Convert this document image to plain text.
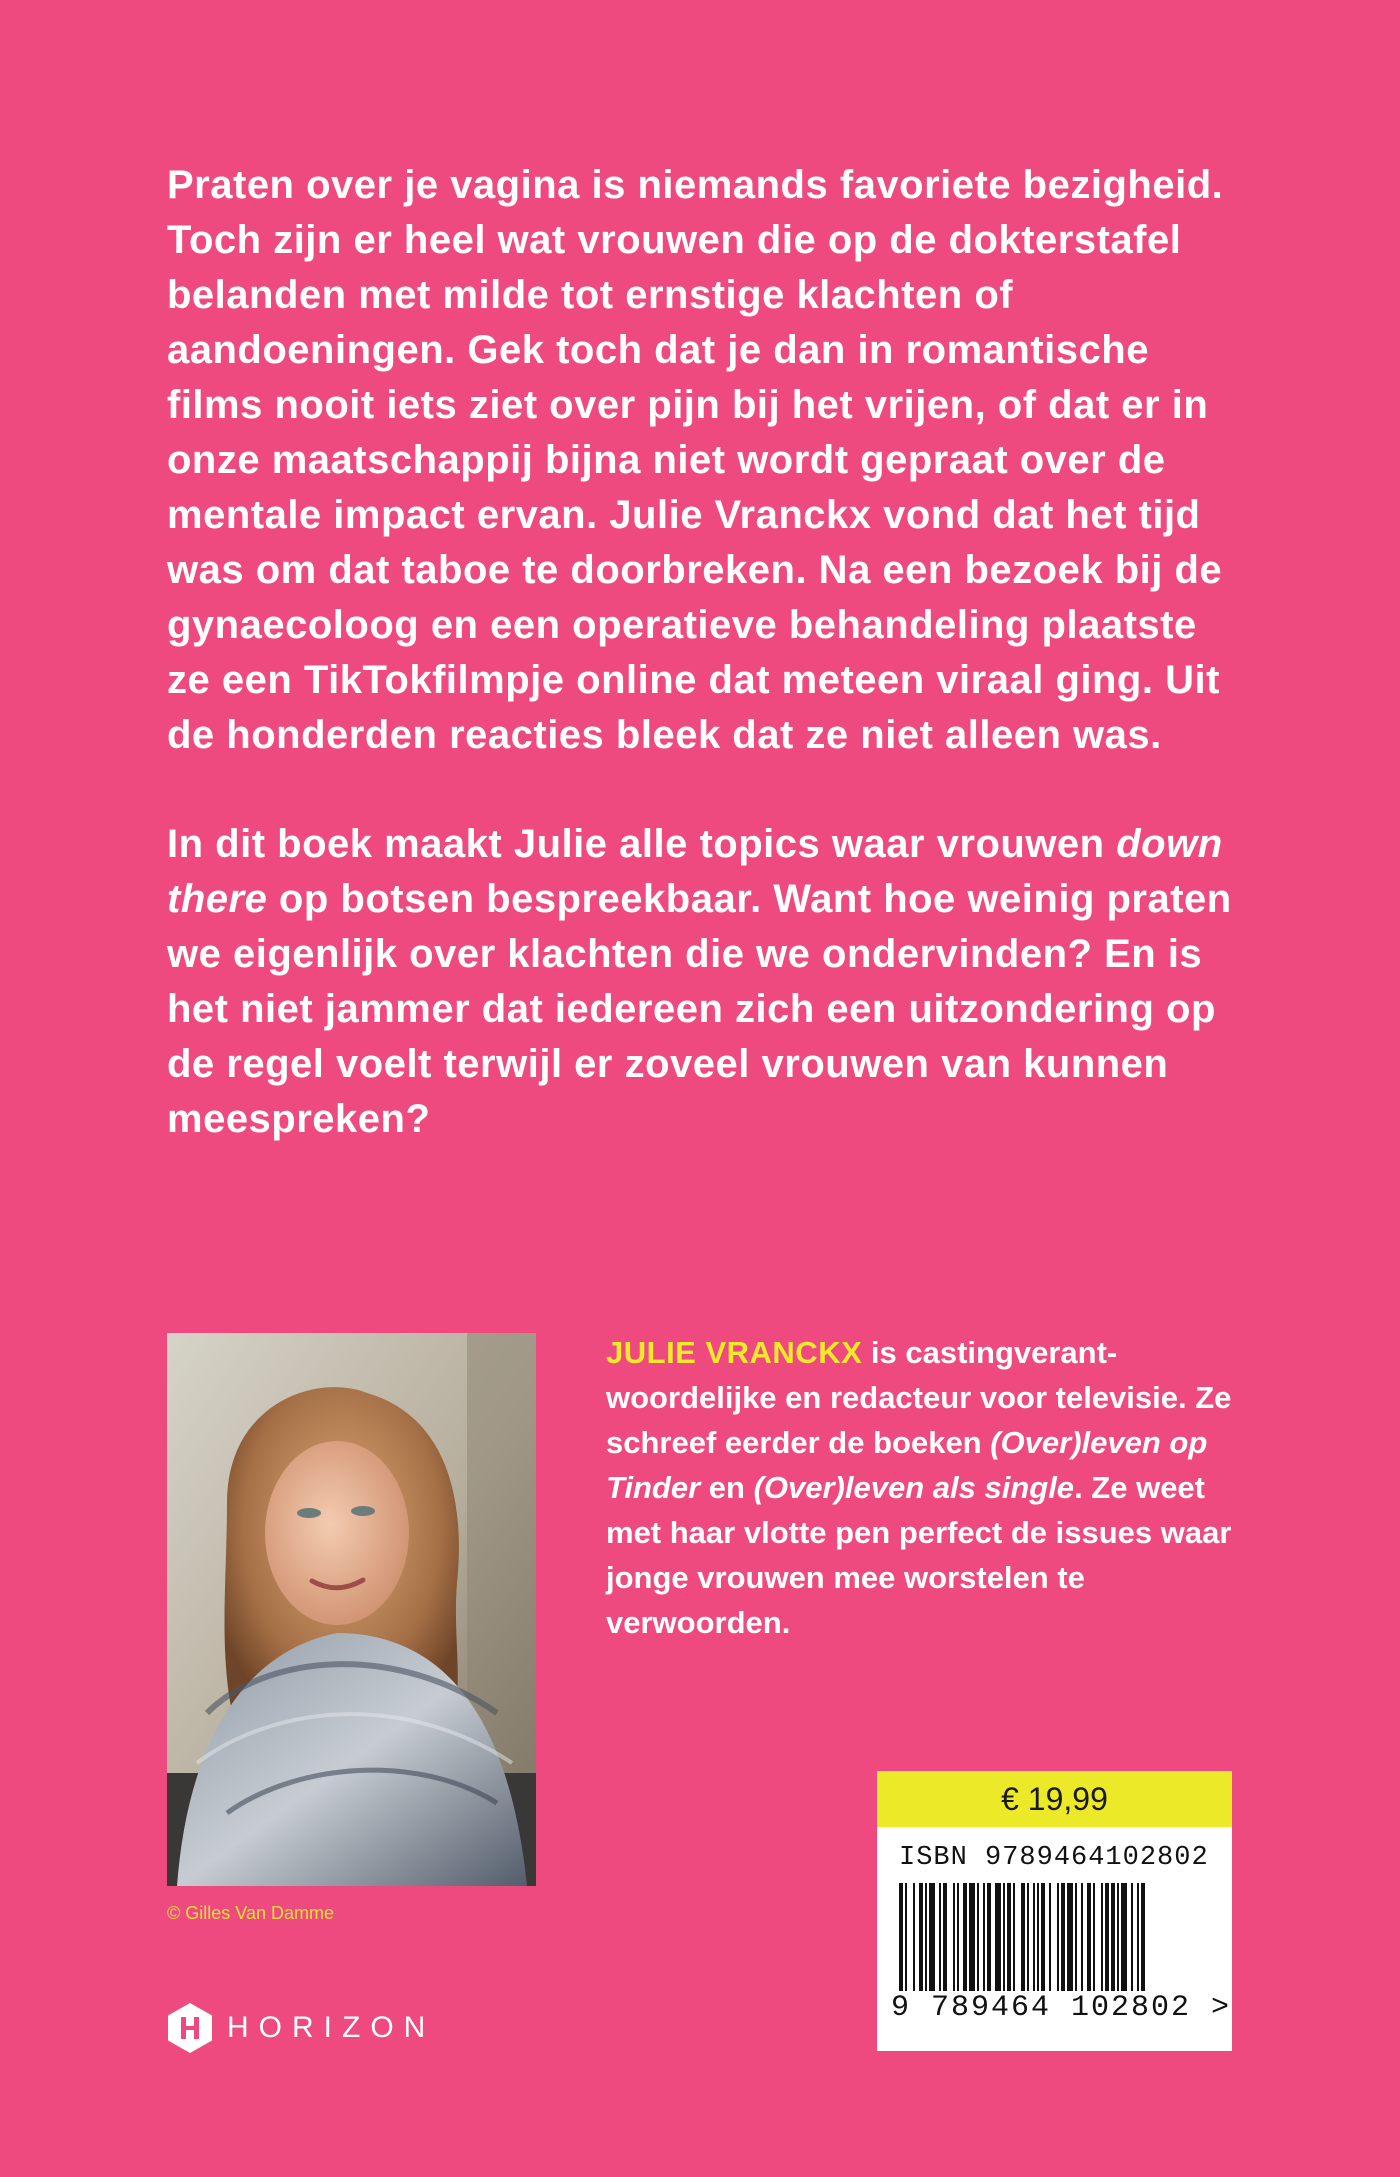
Praten over je vagina is niemands favoriete bezigheid. Toch zijn er heel wat vrouwen die op de dokterstafel belanden met milde tot ernstige klachten of aandoeningen. Gek toch dat je dan in romantische films nooit iets ziet over pijn bij het vrijen, of dat er in onze maatschappij bijna niet wordt gepraat over de mentale impact ervan. Julie Vranckx vond dat het tijd was om dat taboe te doorbreken. Na een bezoek bij de gynaecoloog en een operatieve behandeling plaatste ze een TikTokfilmpje online dat meteen viraal ging. Uit de honderden reacties bleek dat ze niet alleen was.

In dit boek maakt Julie alle topics waar vrouwen down there op botsen bespreekbaar. Want hoe weinig praten we eigenlijk over klachten die we ondervinden? En is het niet jammer dat iedereen zich een uitzondering op de regel voelt terwijl er zoveel vrouwen van kunnen meespreken?

© Gilles Van Damme

JULIE VRANCKX is castingverant-woordelijke en redacteur voor televisie. Ze schreef eerder de boeken (Over)leven op Tinder en (Over)leven als single. Ze weet met haar vlotte pen perfect de issues waar jonge vrouwen mee worstelen te verwoorden.

€ 19,99
ISBN 9789464102802
9 789464 102802 >
HORIZON
